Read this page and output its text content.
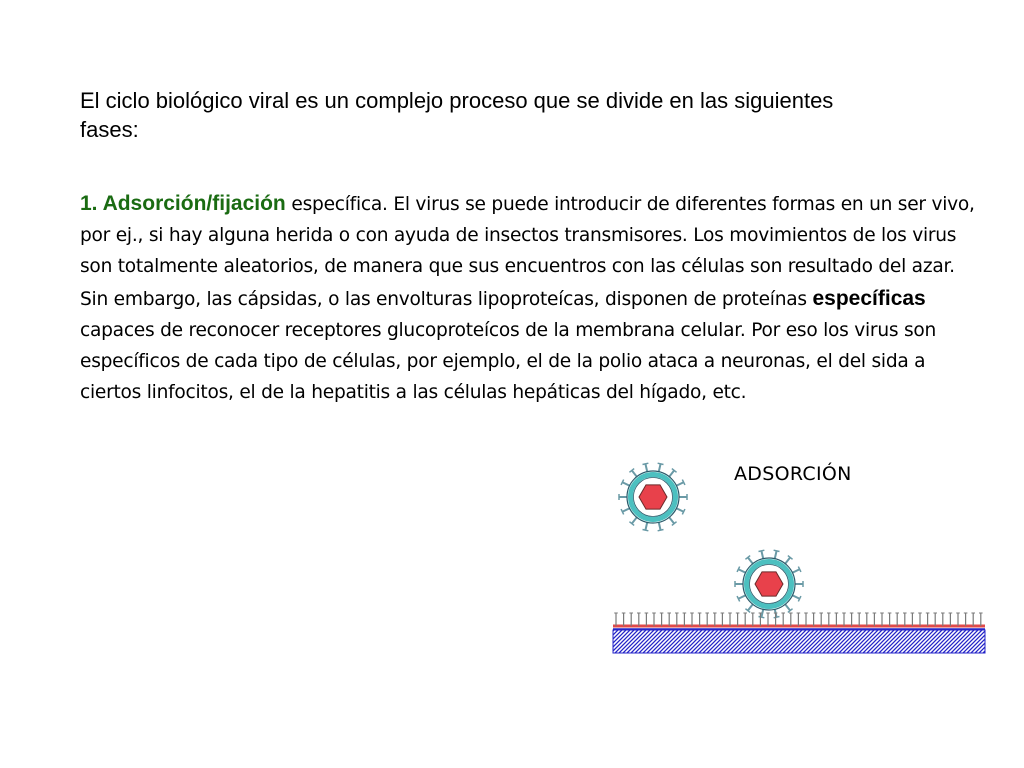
El ciclo biológico viral es un complejo proceso que se divide en las siguientes fases:
1. Adsorción/fijación específica. El virus se puede introducir de diferentes formas en un ser vivo, por ej., si hay alguna herida o con ayuda de insectos transmisores. Los movimientos de los virus son totalmente aleatorios, de manera que sus encuentros con las células son resultado del azar. Sin embargo, las cápsidas, o las envolturas lipoproteícas, disponen de proteínas específicas capaces de reconocer receptores glucoproteícos de la membrana celular. Por eso los virus son específicos de cada tipo de células, por ejemplo, el de la polio ataca a neuronas, el del sida a ciertos linfocitos, el de la hepatitis a las células hepáticas del hígado, etc.
ADSORCIÓN
